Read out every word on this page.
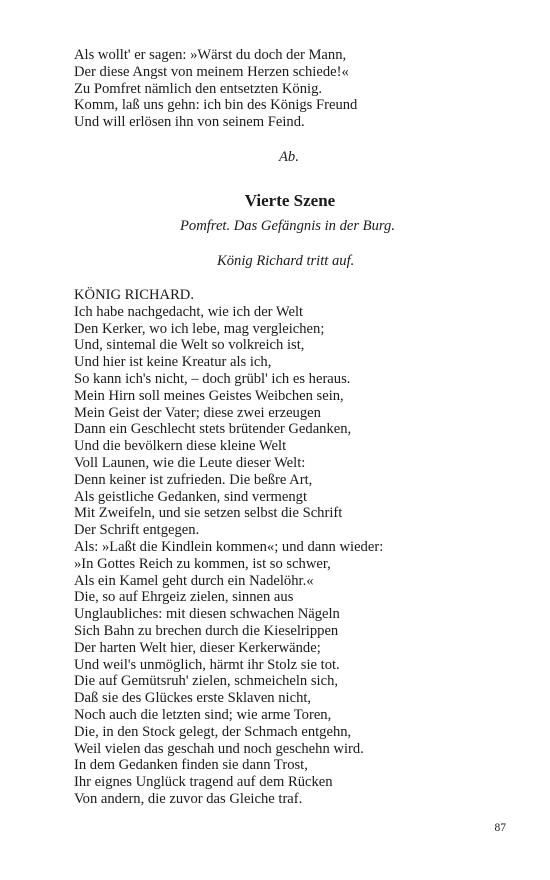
Als wollt' er sagen: »Wärst du doch der Mann,
Der diese Angst von meinem Herzen schiede!«
Zu Pomfret nämlich den entsetzten König.
Komm, laß uns gehn: ich bin des Königs Freund
Und will erlösen ihn von seinem Feind.
Ab.
Vierte Szene
Pomfret. Das Gefängnis in der Burg.
König Richard tritt auf.
KÖNIG RICHARD.
Ich habe nachgedacht, wie ich der Welt
Den Kerker, wo ich lebe, mag vergleichen;
Und, sintemal die Welt so volkreich ist,
Und hier ist keine Kreatur als ich,
So kann ich's nicht, – doch grübl' ich es heraus.
Mein Hirn soll meines Geistes Weibchen sein,
Mein Geist der Vater; diese zwei erzeugen
Dann ein Geschlecht stets brütender Gedanken,
Und die bevölkern diese kleine Welt
Voll Launen, wie die Leute dieser Welt:
Denn keiner ist zufrieden. Die beßre Art,
Als geistliche Gedanken, sind vermengt
Mit Zweifeln, und sie setzen selbst die Schrift
Der Schrift entgegen.
Als: »Laßt die Kindlein kommen«; und dann wieder:
»In Gottes Reich zu kommen, ist so schwer,
Als ein Kamel geht durch ein Nadelöhr.«
Die, so auf Ehrgeiz zielen, sinnen aus
Unglaubliches: mit diesen schwachen Nägeln
Sich Bahn zu brechen durch die Kieselrippen
Der harten Welt hier, dieser Kerkerwände;
Und weil's unmöglich, härmt ihr Stolz sie tot.
Die auf Gemütsruh' zielen, schmeicheln sich,
Daß sie des Glückes erste Sklaven nicht,
Noch auch die letzten sind; wie arme Toren,
Die, in den Stock gelegt, der Schmach entgehn,
Weil vielen das geschah und noch geschehn wird.
In dem Gedanken finden sie dann Trost,
Ihr eignes Unglück tragend auf dem Rücken
Von andern, die zuvor das Gleiche traf.
87
